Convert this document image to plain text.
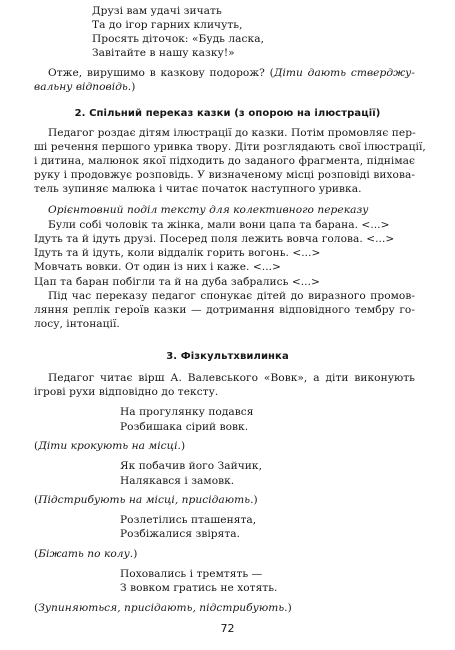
Друзі вам удачі зичать
Та до ігор гарних кличуть,
Просять діточок: «Будь ласка,
Завітайте в нашу казку!»
Отже, вирушимо в казкову подорож? (Діти дають стверджу-
вальну відповідь.)
2. Спільний переказ казки (з опорою на ілюстрації)
Педагог роздає дітям ілюстрації до казки. Потім промовляє пер-
ші речення першого уривка твору. Діти розглядають свої ілюстрації,
і дитина, малюнок якої підходить до заданого фрагмента, піднімає
руку і продовжує розповідь. У визначеному місці розповіді вихова-
тель зупиняє малюка і читає початок наступного уривка.
Орієнтовний поділ тексту для колективного переказу
Були собі чоловік та жінка, мали вони цапа та барана. <...>
Ідуть та й ідуть друзі. Посеред поля лежить вовча голова. <...>
Ідуть та й ідуть, коли віддалік горить вогонь. <...>
Мовчать вовки. От один із них і каже. <...>
Цап та баран побігли та й на дуба забрались <...>
Під час переказу педагог спонукає дітей до виразного промов-
ляння реплік героїв казки — дотримання відповідного тембру го-
лосу, інтонації.
3. Фізкультхвилинка
Педагог читає вірш А. Валевського «Вовк», а діти виконують
ігрові рухи відповідно до тексту.
На прогулянку подався
Розбишака сірий вовк.
(Діти крокують на місці.)
Як побачив його Зайчик,
Налякався і замовк.
(Підстрибують на місці, присідають.)
Розлетілись пташенята,
Розбіжалися звірята.
(Біжать по колу.)
Поховались і тремтять —
З вовком гратись не хотять.
(Зупиняються, присідають, підстрибують.)
72
